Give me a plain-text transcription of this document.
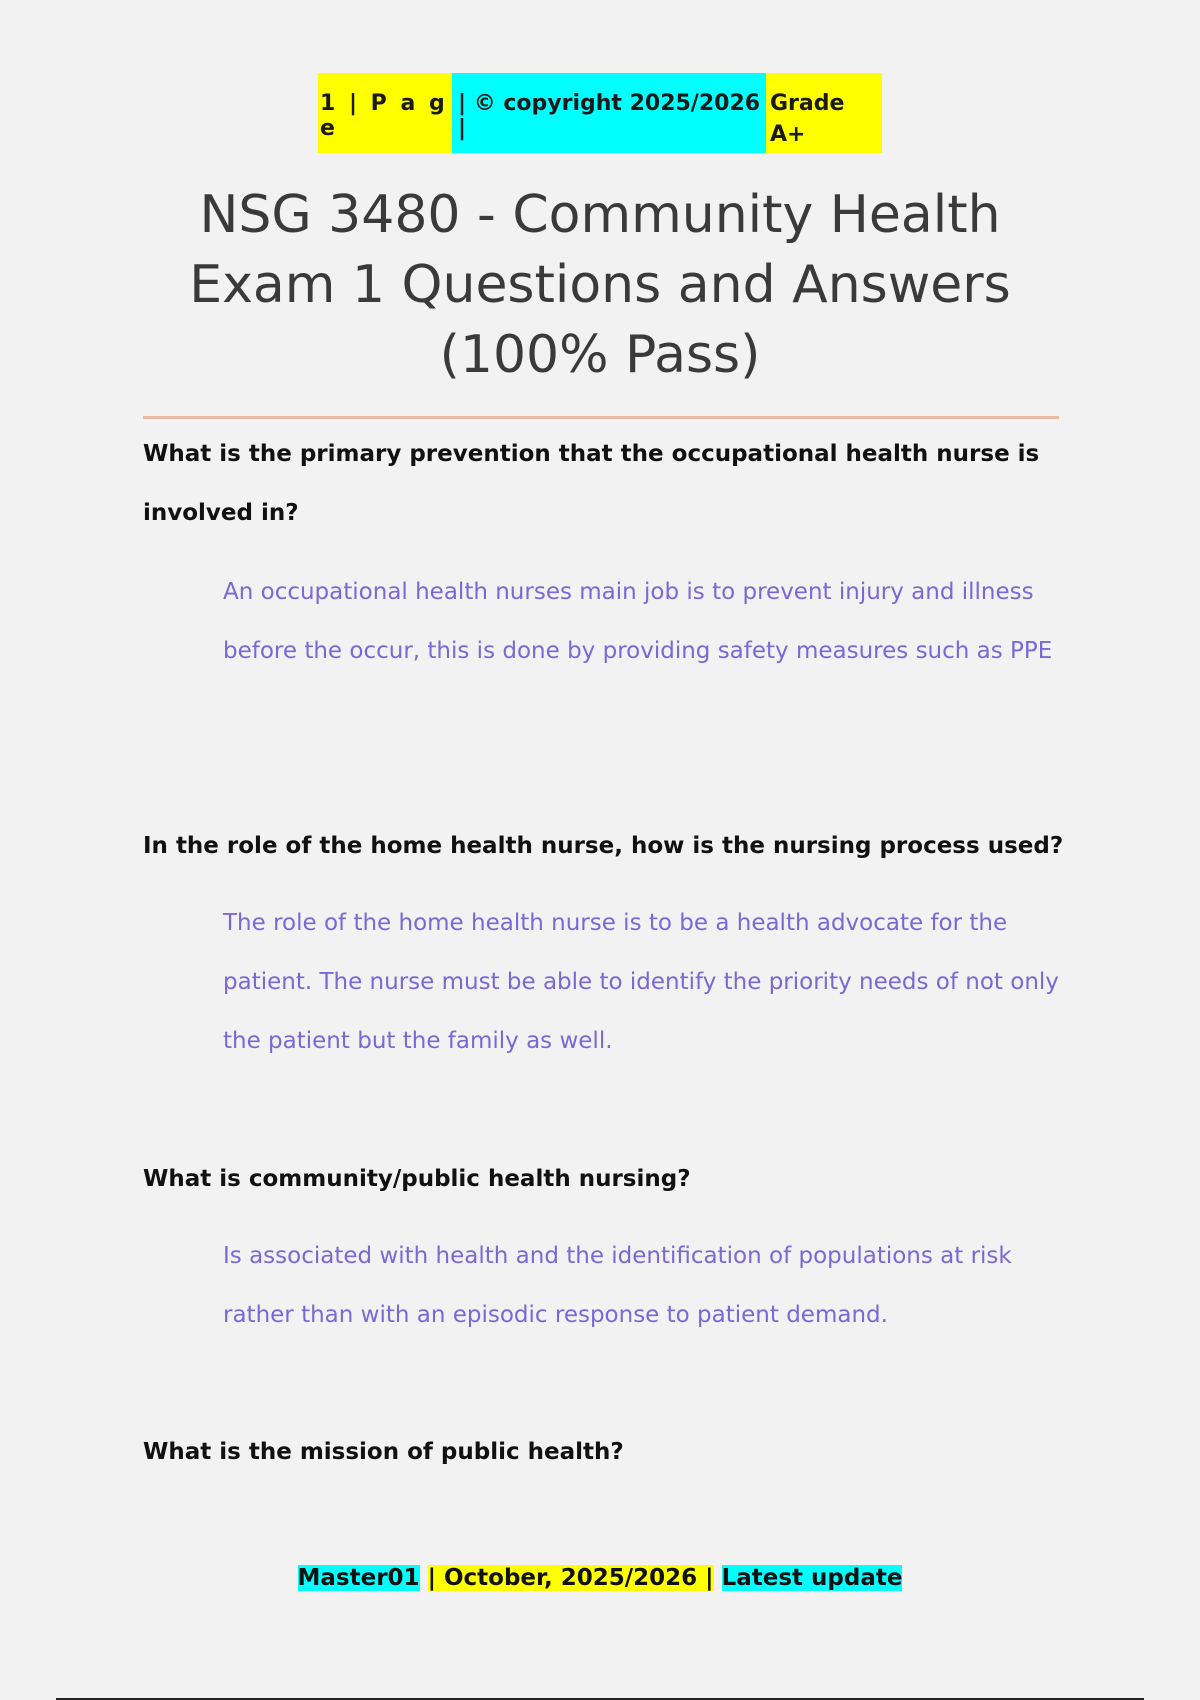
1 | P a g e
| © copyright 2025/2026 |
Grade
A+
NSG 3480 - Community Health
Exam 1 Questions and Answers
(100% Pass)

What is the primary prevention that the occupational health nurse is involved in?

An occupational health nurses main job is to prevent injury and illness before the occur, this is done by providing safety measures such as PPE

In the role of the home health nurse, how is the nursing process used?

The role of the home health nurse is to be a health advocate for the patient. The nurse must be able to identify the priority needs of not only the patient but the family as well.

What is community/public health nursing?

Is associated with health and the identification of populations at risk rather than with an episodic response to patient demand.

What is the mission of public health?

Master01 | October, 2025/2026 | Latest update
